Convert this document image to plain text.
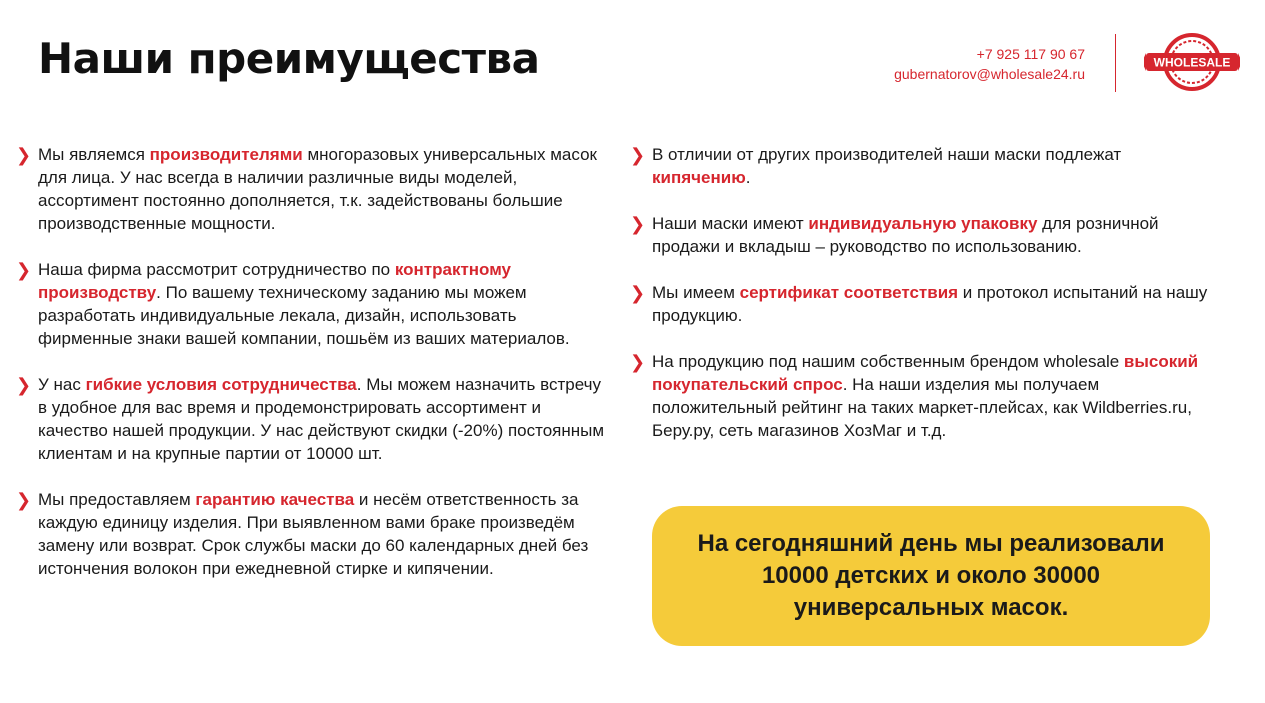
Наши преимущества	+7 925 117 90 67
gubernatorov@wholesale24.ru
WHOLESALE
❯ Мы являемся производителями многоразовых универсальных масок для лица. У нас всегда в наличии различные виды моделей, ассортимент постоянно дополняется, т.к. задействованы большие производственные мощности.
❯ Наша фирма рассмотрит сотрудничество по контрактному производству. По вашему техническому заданию мы можем разработать индивидуальные лекала, дизайн, использовать фирменные знаки вашей компании, пошьём из ваших материалов.
❯ У нас гибкие условия сотрудничества. Мы можем назначить встречу в удобное для вас время и продемонстрировать ассортимент и качество нашей продукции. У нас действуют скидки (-20%) постоянным клиентам и на крупные партии от 10000 шт.
❯ Мы предоставляем гарантию качества и несём ответственность за каждую единицу изделия. При выявленном вами браке произведём замену или возврат. Срок службы маски до 60 календарных дней без истончения волокон при ежедневной стирке и кипячении.
❯ В отличии от других производителей наши маски подлежат кипячению.
❯ Наши маски имеют индивидуальную упаковку для розничной продажи и вкладыш – руководство по использованию.
❯ Мы имеем сертификат соответствия и протокол испытаний на нашу продукцию.
❯ На продукцию под нашим собственным брендом wholesale высокий покупательский спрос. На наши изделия мы получаем положительный рейтинг на таких маркет-плейсах, как Wildberries.ru, Беру.ру, сеть магазинов ХозМаг и т.д.
На сегодняшний день мы реализовали 10000 детских и около 30000 универсальных масок.
